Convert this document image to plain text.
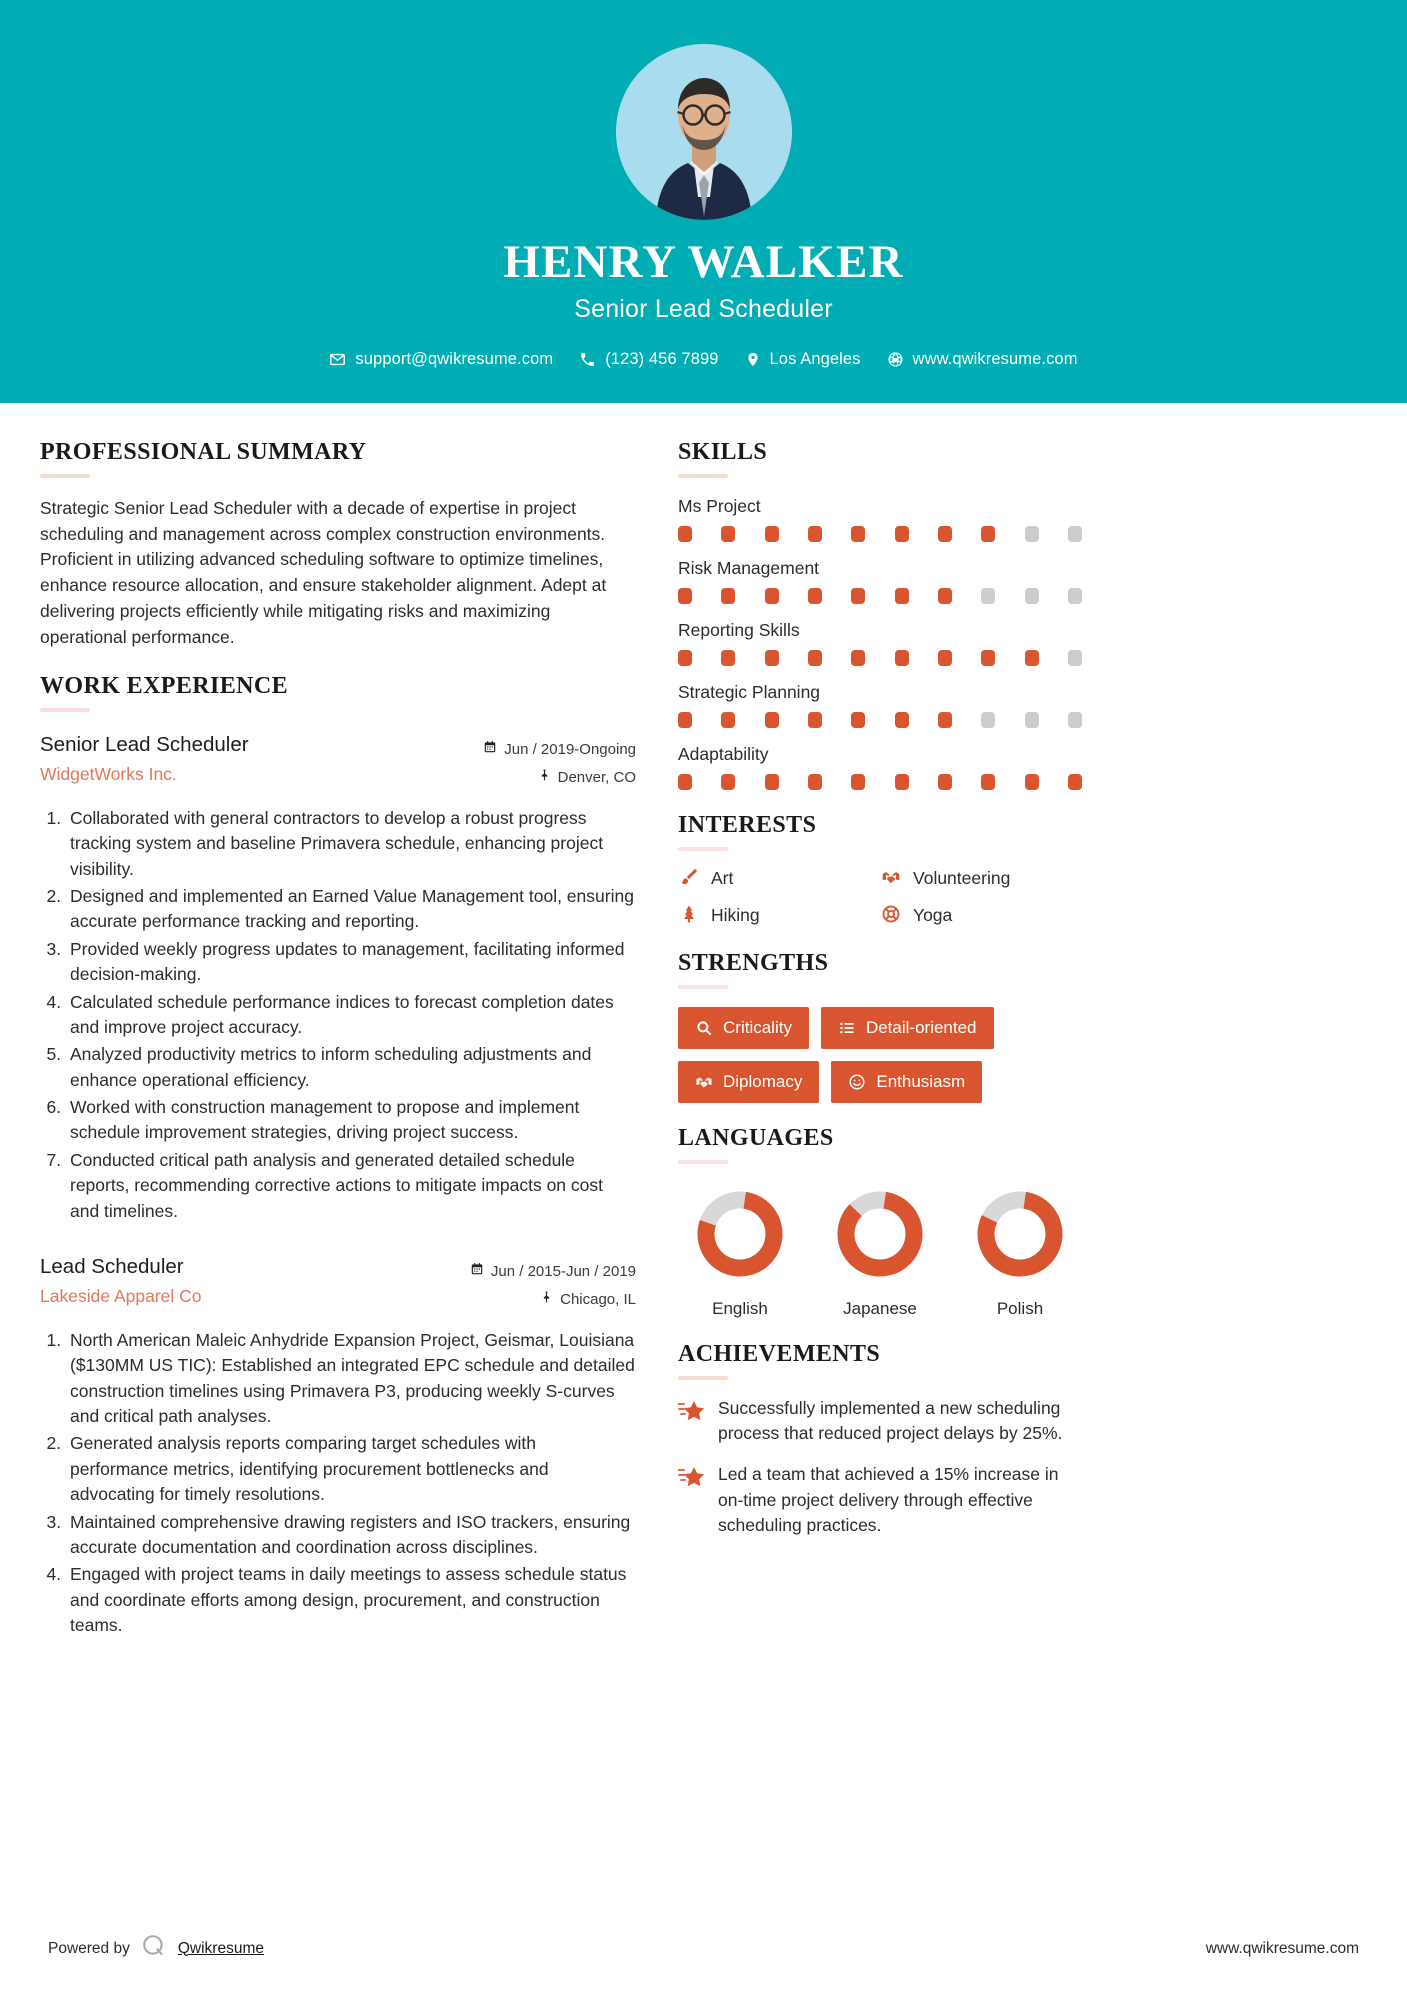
HENRY WALKER
Senior Lead Scheduler
support@qwikresume.com	(123) 456 7899	Los Angeles	www.qwikresume.com
PROFESSIONAL SUMMARY

Strategic Senior Lead Scheduler with a decade of expertise in project scheduling and management across complex construction environments. Proficient in utilizing advanced scheduling software to optimize timelines, enhance resource allocation, and ensure stakeholder alignment. Adept at delivering projects efficiently while mitigating risks and maximizing operational performance.

WORK EXPERIENCE
Senior Lead Scheduler
WidgetWorks Inc.
Jun / 2019-Ongoing
Denver, CO
1. Collaborated with general contractors to develop a robust progress tracking system and baseline Primavera schedule, enhancing project visibility.
2. Designed and implemented an Earned Value Management tool, ensuring accurate performance tracking and reporting.
3. Provided weekly progress updates to management, facilitating informed decision-making.
4. Calculated schedule performance indices to forecast completion dates and improve project accuracy.
5. Analyzed productivity metrics to inform scheduling adjustments and enhance operational efficiency.
6. Worked with construction management to propose and implement schedule improvement strategies, driving project success.
7. Conducted critical path analysis and generated detailed schedule reports, recommending corrective actions to mitigate impacts on cost and timelines.
Lead Scheduler
Lakeside Apparel Co
Jun / 2015-Jun / 2019
Chicago, IL
1. North American Maleic Anhydride Expansion Project, Geismar, Louisiana ($130MM US TIC): Established an integrated EPC schedule and detailed construction timelines using Primavera P3, producing weekly S-curves and critical path analyses.
2. Generated analysis reports comparing target schedules with performance metrics, identifying procurement bottlenecks and advocating for timely resolutions.
3. Maintained comprehensive drawing registers and ISO trackers, ensuring accurate documentation and coordination across disciplines.
4. Engaged with project teams in daily meetings to assess schedule status and coordinate efforts among design, procurement, and construction teams.
SKILLS
Ms Project
Risk Management
Reporting Skills
Strategic Planning
Adaptability
INTERESTS
Art	Volunteering
Hiking	Yoga
STRENGTHS
Criticality	Detail-oriented
Diplomacy	Enthusiasm
LANGUAGES
English	Japanese	Polish
ACHIEVEMENTS
Successfully implemented a new scheduling process that reduced project delays by 25%.
Led a team that achieved a 15% increase in on-time project delivery through effective scheduling practices.
Powered by	Qwikresume	www.qwikresume.com
